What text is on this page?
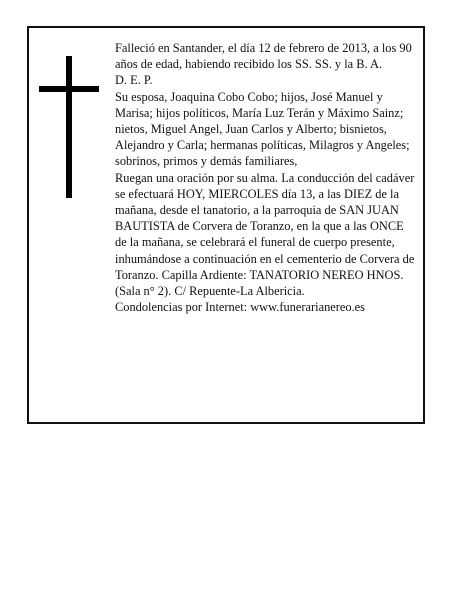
Falleció en Santander, el día 12 de febrero de 2013, a los 90 años de edad, habiendo recibido los SS. SS. y la B. A.

D. E. P.

Su esposa, Joaquina Cobo Cobo; hijos, José Manuel y Marisa; hijos políticos, María Luz Terán y Máximo Sainz; nietos, Miguel Angel, Juan Carlos y Alberto; bisnietos, Alejandro y Carla; hermanas políticas, Milagros y Angeles; sobrinos, primos y demás familiares,

Ruegan una oración por su alma. La conducción del cadáver se efectuará HOY, MIERCOLES día 13, a las DIEZ de la mañana, desde el tanatorio, a la parroquia de SAN JUAN BAUTISTA de Corvera de Toranzo, en la que a las ONCE de la mañana, se celebrará el funeral de cuerpo presente, inhumándose a continuación en el cementerio de Corvera de Toranzo. Capilla Ardiente: TANATORIO NEREO HNOS. (Sala n° 2). C/ Repuente-La Albericia.

Condolencias por Internet: www.funerarianereo.es
